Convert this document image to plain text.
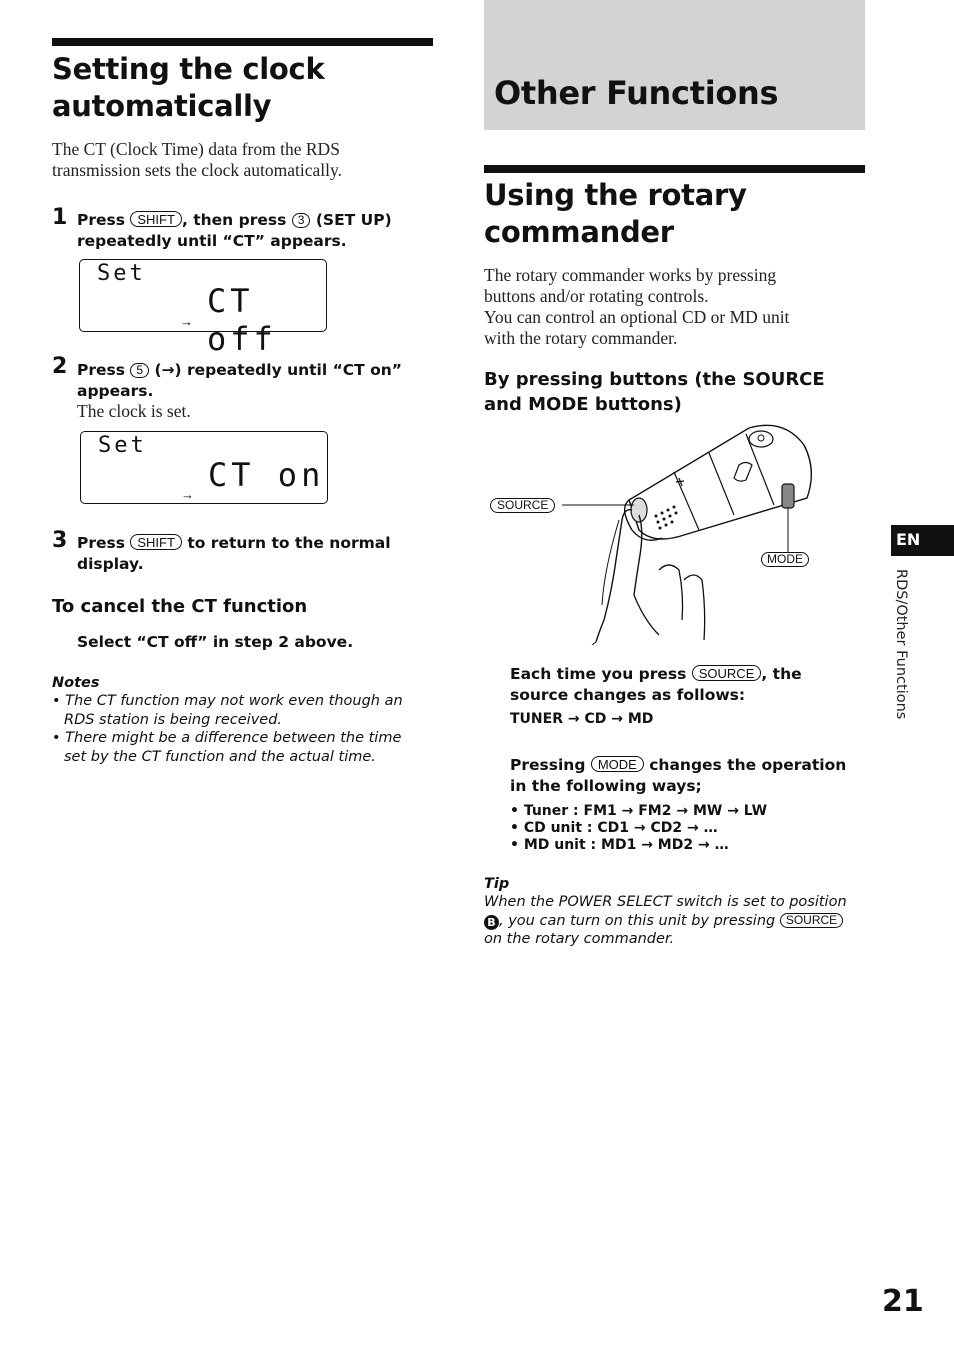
Setting the clock
automatically
The CT (Clock Time) data from the RDS
transmission sets the clock automatically.
1 Press SHIFT , then press 3 (SET UP)
repeatedly until “CT” appears.
Set
CT off
→
2 Press 5 (→) repeatedly until “CT on”
appears.
The clock is set.
Set
CT on
→
3 Press SHIFT to return to the normal
display.
To cancel the CT function
Select “CT off” in step 2 above.
Notes
• The CT function may not work even though an
RDS station is being received.
• There might be a difference between the time
set by the CT function and the actual time.
Other Functions
Using the rotary
commander
The rotary commander works by pressing
buttons and/or rotating controls.
You can control an optional CD or MD unit
with the rotary commander.
By pressing buttons (the SOURCE
and MODE buttons)
SOURCE
MODE
Each time you press SOURCE , the
source changes as follows:
TUNER → CD → MD
Pressing MODE changes the operation
in the following ways;
• Tuner : FM1 → FM2 → MW → LW
• CD unit : CD1 → CD2 → …
• MD unit : MD1 → MD2 → …
Tip
When the POWER SELECT switch is set to position
B , you can turn on this unit by pressing SOURCE
on the rotary commander.
EN
RDS/Other Functions
21
